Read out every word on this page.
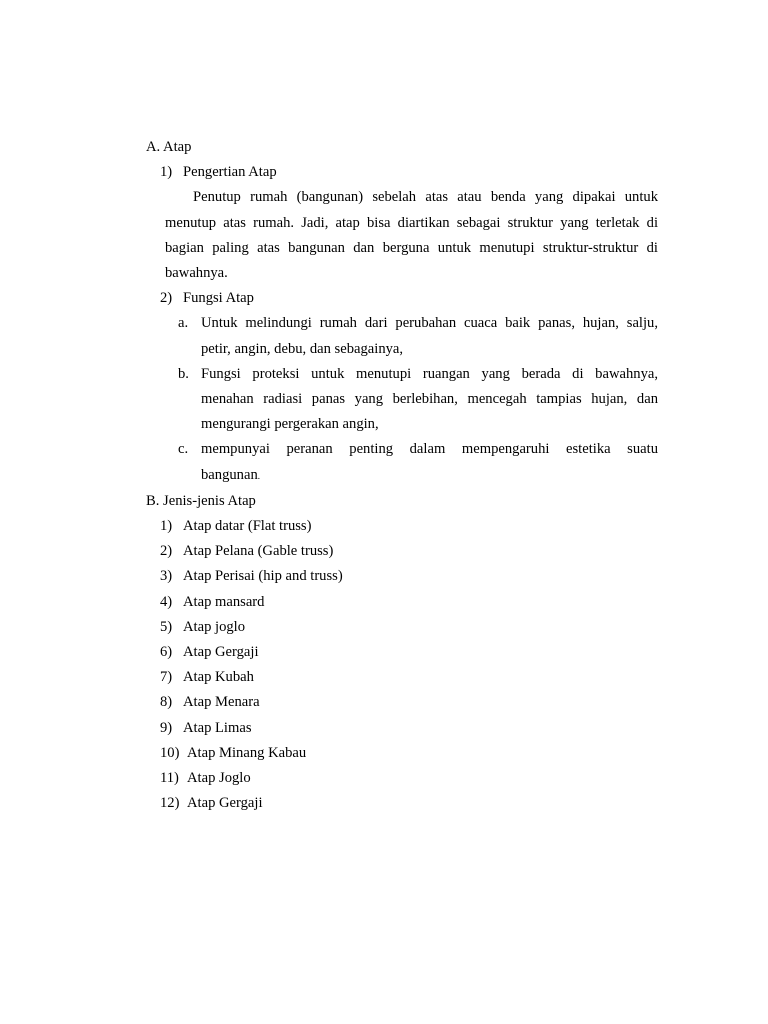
A. Atap
1) Pengertian Atap
Penutup rumah (bangunan) sebelah atas atau benda yang dipakai untuk
menutup atas rumah. Jadi, atap bisa diartikan sebagai struktur yang terletak di
bagian paling atas bangunan dan berguna untuk menutupi struktur-struktur di
bawahnya.
2) Fungsi Atap
a. Untuk melindungi rumah dari perubahan cuaca baik panas, hujan, salju,
petir, angin, debu, dan sebagainya,
b. Fungsi proteksi untuk menutupi ruangan yang berada di bawahnya,
menahan radiasi panas yang berlebihan, mencegah tampias hujan, dan
mengurangi pergerakan angin,
c. mempunyai peranan penting dalam mempengaruhi estetika suatu
bangunan.
B. Jenis-jenis Atap
1) Atap datar (Flat truss)
2) Atap Pelana (Gable truss)
3) Atap Perisai (hip and truss)
4) Atap mansard
5) Atap joglo
6) Atap Gergaji
7) Atap Kubah
8) Atap Menara
9) Atap Limas
10) Atap Minang Kabau
11) Atap Joglo
12) Atap Gergaji
